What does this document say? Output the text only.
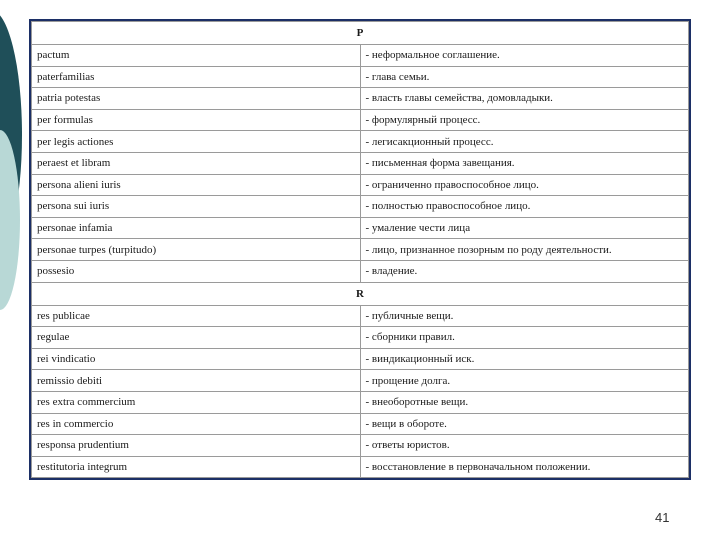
P	
pactum	- неформальное соглашение.
paterfamilias	- глава семьи.
patria potestas	- власть главы семейства, домовладыки.
per formulas	- формулярный процесс.
per legis actiones	- легисакционный процесс.
peraest et libram	- письменная форма завещания.
persona alieni iuris	- ограниченно правоспособное лицо.
persona sui iuris	- полностью правоспособное лицо.
personae infamia	- умаление чести лица
personae turpes (turpitudo)	- лицо, признанное позорным по роду деятельности.
possesio	- владение.
R	
res publicae	- публичные вещи.
regulae	- сборники правил.
rei vindicatio	- виндикационный иск.
remissio debiti	- прощение долга.
res extra commercium	- внеоборотные вещи.
res in commercio	- вещи в обороте.
responsa prudentium	- ответы юристов.
restitutoria integrum	- восстановление в первоначальном положении.
41
